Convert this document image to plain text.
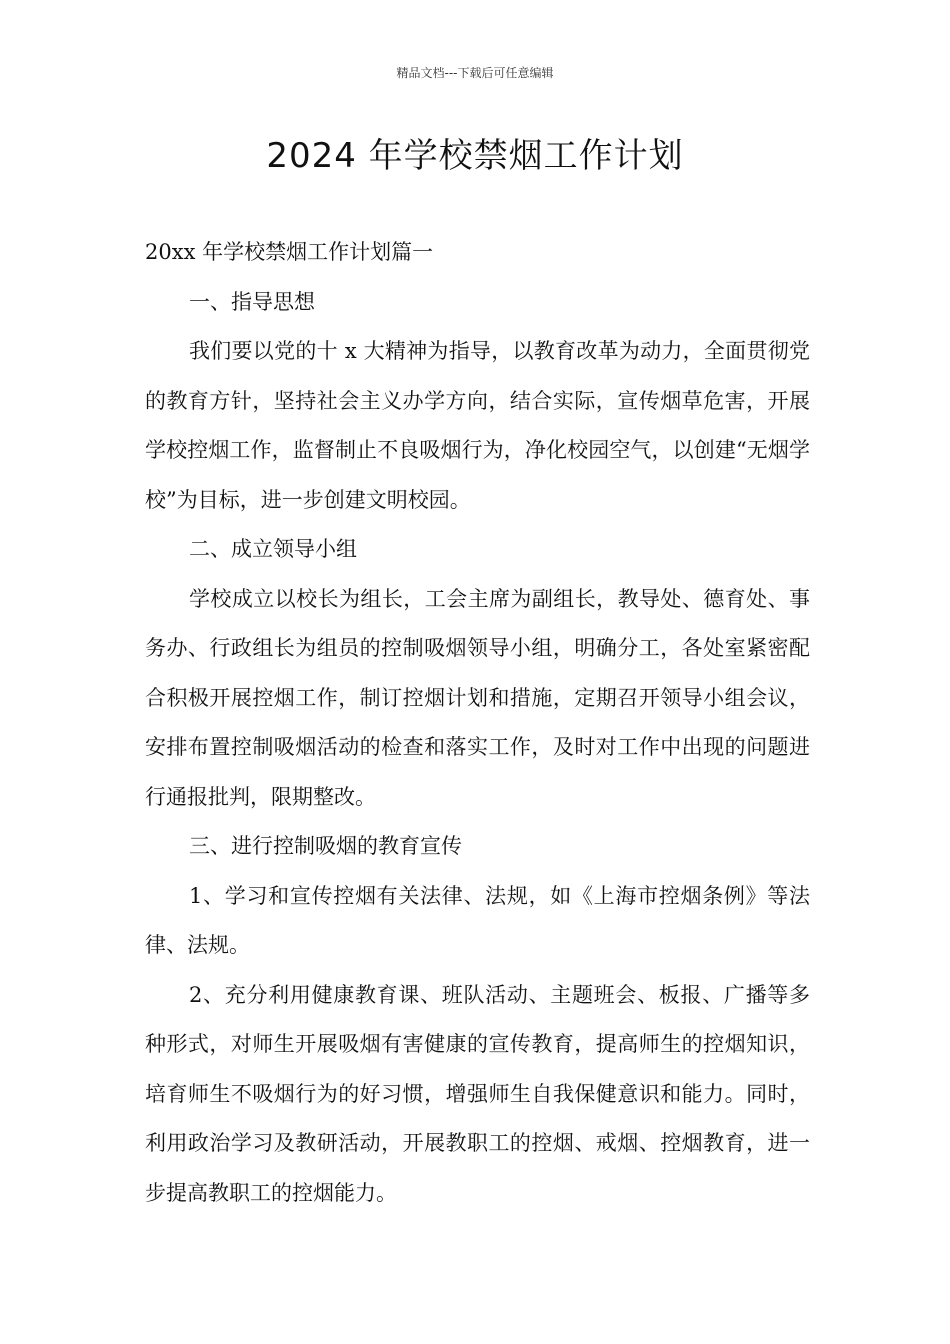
精品文档---下载后可任意编辑
2024 年学校禁烟工作计划

20xx 年学校禁烟工作计划篇一

一、指导思想

我们要以党的十 x 大精神为指导，以教育改革为动力，全面贯彻党的教育方针，坚持社会主义办学方向，结合实际，宣传烟草危害，开展学校控烟工作，监督制止不良吸烟行为，净化校园空气，以创建“无烟学校”为目标，进一步创建文明校园。

二、成立领导小组

学校成立以校长为组长，工会主席为副组长，教导处、德育处、事务办、行政组长为组员的控制吸烟领导小组，明确分工，各处室紧密配合积极开展控烟工作，制订控烟计划和措施，定期召开领导小组会议，安排布置控制吸烟活动的检查和落实工作，及时对工作中出现的问题进行通报批判，限期整改。

三、进行控制吸烟的教育宣传

1、学习和宣传控烟有关法律、法规，如《上海市控烟条例》等法律、法规。

2、充分利用健康教育课、班队活动、主题班会、板报、广播等多种形式，对师生开展吸烟有害健康的宣传教育，提高师生的控烟知识，培育师生不吸烟行为的好习惯，增强师生自我保健意识和能力。同时，利用政治学习及教研活动，开展教职工的控烟、戒烟、控烟教育，进一步提高教职工的控烟能力。
